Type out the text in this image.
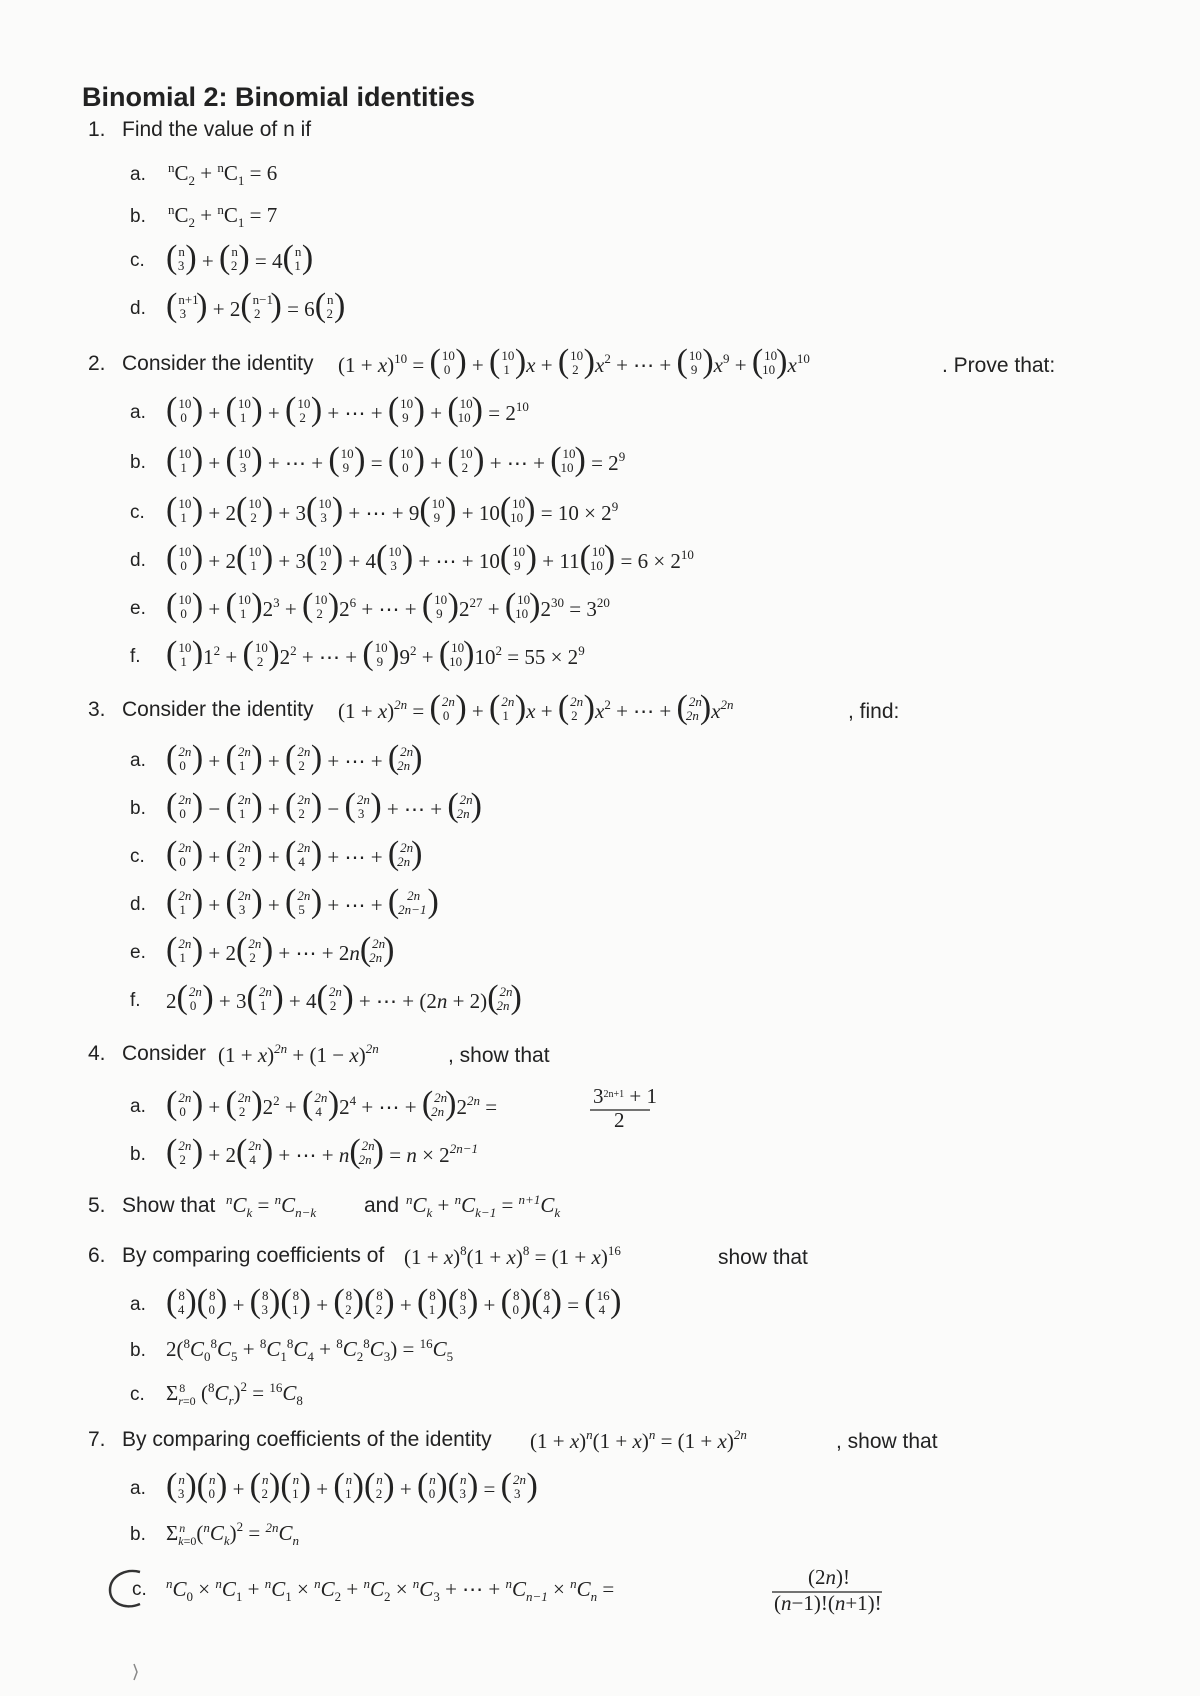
Binomial 2: Binomial identities
1. Find the value of n if
a. $^nC_2 + ^nC_1 = 6$
b. $^nC_2 + ^nC_1 = 7$
c. ($^n$ 3) + ($^n$ 2) = 4($^n$ 1)
d. ($^{n+1}$ 3 ) + 2($^{n-1}$ 2 ) = 6($^n$ 2)
2. Consider the identity $(1 + x)^{10} = (^{10}$ 0 ) + ($^{10}$ 1 )x + ($^{10}$ 2 )$x^2$ + ⋯ + ($^{10}$ 9 )$x^9 + (^{10}$ $10)x^{10}$	. Prove that:
a. ($^{10}$ 0 ) + ($^{10}$ 1 ) + ($^{10}$ 2 ) + ⋯ + ($^{10}$ 9 ) + ($^{10}$ $10) = 2^{10}$
b. ($^{10}$ 1 ) + ($^{10}$ 3 ) + ⋯ + ($^{10}$ 9 ) = ($^{10}$ 0 ) + ($^{10}$ 2 ) + ⋯ + ($^{10}$ $10) = 2^9$
c. ($^{10}$ 1 ) + 2($^{10}$ 2 ) + 3($^{10}$ 3 ) + ⋯ + 9($^{10}$ 9 ) + 10($^{10}$ $10) = 10 \times 2^9$
d. ($^{10}$ 0 ) + 2($^{10}$ 1 ) + 3($^{10}$ 2 ) + 4($^{10}$ 3 ) + ⋯ + 10($^{10}$ 9 ) + 11($^{10}$ $10) = 6 \times 2^{10}$
e. ($^{10}$ 0 ) + ($^{10}$ 1 )$2^3 + (^{10}$ 2 )$2^6$ + ⋯ + ($^{10}$ 9 )$2^{27} + (^{10}$ $10)2^{30} = 3^{20}$
f. ($^{10}$ 1 )$1^2 + (^{10}$ 2 )$2^2$ + ⋯ + ($^{10}$ 9 )$9^2 + (^{10}$ $10)10^2 = 55 \times 2^9$
3. Consider the identity $(1 + x)^{2n} = (^{2n}$ 0 ) + ($^{2n}$ 1 )x + ($^{2n}$ 2 )$x^2$ + ⋯ + ($^{2n}$ $2n)x^{2n}$	, find:
a. ($^{2n}$ 0 ) + ($^{2n}$ 1 ) + ($^{2n}$ 2 ) + ⋯ + ($^{2n}$ 2n)
b. ($^{2n}$ 0 ) − ($^{2n}$ 1 ) + ($^{2n}$ 2 ) − ($^{2n}$ 3 ) + ⋯ + ($^{2n}$ 2n)
c. ($^{2n}$ 0 ) + ($^{2n}$ 2 ) + ($^{2n}$ 4 ) + ⋯ + ($^{2n}$ 2n)
d. ($^{2n}$ 1 ) + ($^{2n}$ 3 ) + ($^{2n}$ 5 ) + ⋯ + ( $^{2n}$ 2n−1)
e. ($^{2n}$ 1 ) + 2($^{2n}$ 2 ) + ⋯ + 2n($^{2n}$ 2n)
f. 2($^{2n}$ 0 ) + 3($^{2n}$ 1 ) + 4($^{2n}$ 2 ) + ⋯ + (2n + 2)($^{2n}$ 2n)
4. Consider $(1 + x)^{2n} + (1 - x)^{2n}$	, show that
a. ($^{2n}$ 0 ) + ($^{2n}$ 2 )$2^2 + (^{2n}$ 4 )$2^4$ + ⋯ + ($^{2n}$ $2n)2^{2n}$ =	$3^{2n+1} + 1$
2
b. ($^{2n}$ 2 ) + 2($^{2n}$ 4 ) + ⋯ + n($^{2n}$ $2n) = n \times 2^{2n-1}$
5. Show that $^nC_k = ^nC_{n-k}$ and $^nC_k + ^nC_{k-1} = ^{n+1}C_k$
6. By comparing coefficients of $(1 + x)^8(1 + x)^8 = (1 + x)^{16}$	show that
a. ($^8$ 4)($^8$ 0) + ($^8$ 3)($^8$ 1) + ($^8$ 2)($^8$ 2) + ($^8$ 1)($^8$ 3) + ($^8$ 0)($^8$ 4) = ($^{16}$ 4 )
b. $2(^8C_0^8C_5 + ^8C_1^8C_4 + ^8C_2^8C_3) = ^{16}C_5$
c. $\Sigma^8$ r=0 $(^8C_r)^2 = ^{16}C_8$
7. By comparing coefficients of the identity $(1 + x)^n(1 + x)^n = (1 + x)^{2n}$	, show that
a. ($^n$ 3)($^n$ 0) + ($^n$ 2)($^n$ 1) + ($^n$ 1)($^n$ 2) + ($^n$ 0)($^n$ 3) = ($^{2n}$ 3 )
b. $\Sigma^n$ $k=0(^nC_k)^2 = ^{2n}C_n$
c. $^nC_0 \times ^nC_1 + ^nC_1 \times ^nC_2 + ^nC_2 \times ^nC_3$ + ⋯ + $^nC_{n-1} \times ^nC_n$ =	(2n)!
(n−1)!(n+1)!
